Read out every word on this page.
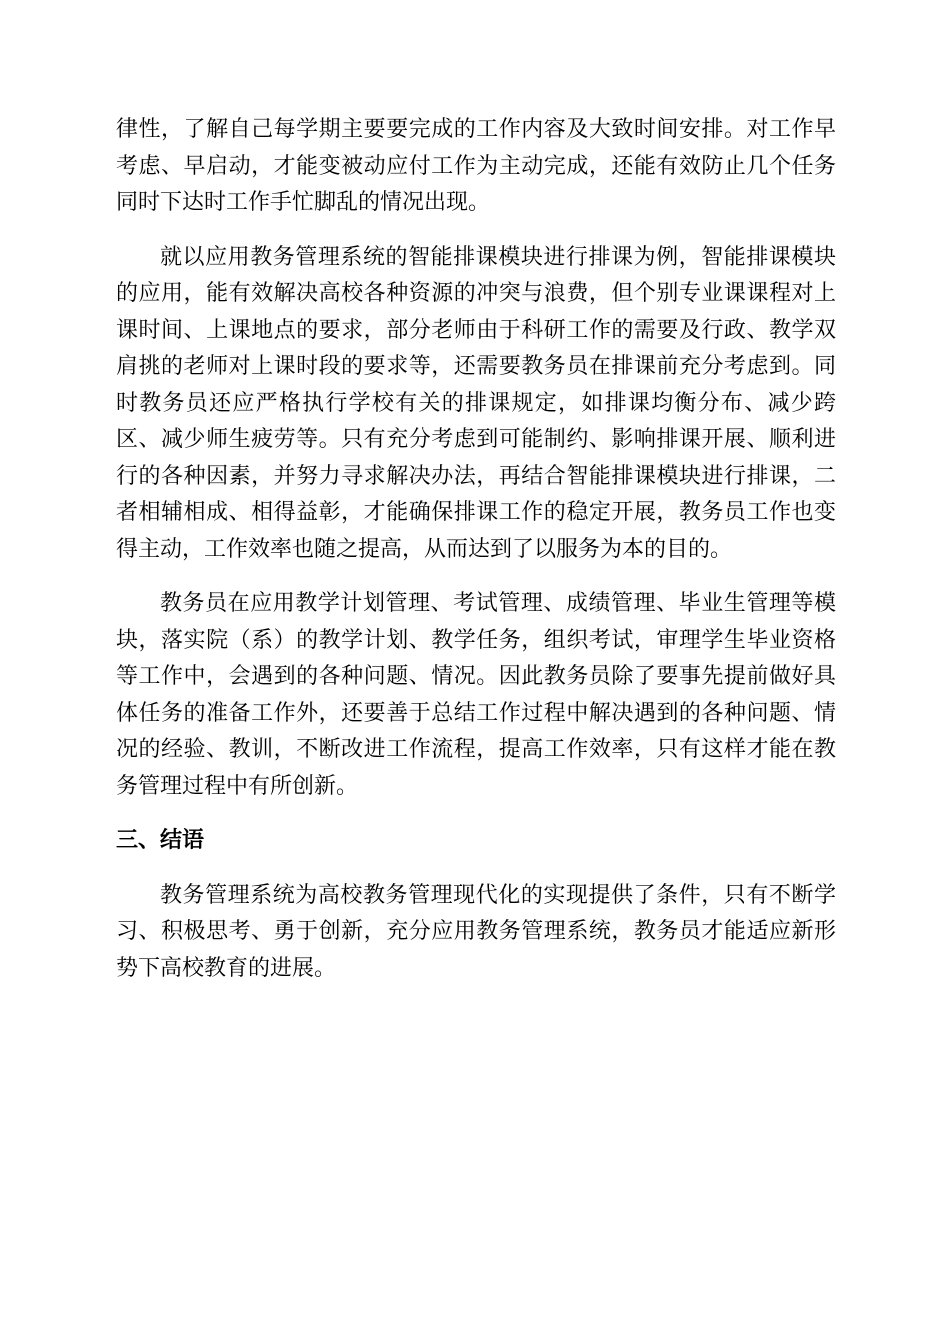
律性，了解自己每学期主要要完成的工作内容及大致时间安排。对工作早考虑、早启动，才能变被动应付工作为主动完成，还能有效防止几个任务同时下达时工作手忙脚乱的情况出现。

就以应用教务管理系统的智能排课模块进行排课为例，智能排课模块的应用，能有效解决高校各种资源的冲突与浪费，但个别专业课课程对上课时间、上课地点的要求，部分老师由于科研工作的需要及行政、教学双肩挑的老师对上课时段的要求等，还需要教务员在排课前充分考虑到。同时教务员还应严格执行学校有关的排课规定，如排课均衡分布、减少跨区、减少师生疲劳等。只有充分考虑到可能制约、影响排课开展、顺利进行的各种因素，并努力寻求解决办法，再结合智能排课模块进行排课，二者相辅相成、相得益彰，才能确保排课工作的稳定开展，教务员工作也变得主动，工作效率也随之提高，从而达到了以服务为本的目的。

教务员在应用教学计划管理、考试管理、成绩管理、毕业生管理等模块，落实院（系）的教学计划、教学任务，组织考试，审理学生毕业资格等工作中，会遇到的各种问题、情况。因此教务员除了要事先提前做好具体任务的准备工作外，还要善于总结工作过程中解决遇到的各种问题、情况的经验、教训，不断改进工作流程，提高工作效率，只有这样才能在教务管理过程中有所创新。

三、结语

教务管理系统为高校教务管理现代化的实现提供了条件，只有不断学习、积极思考、勇于创新，充分应用教务管理系统，教务员才能适应新形势下高校教育的进展。
